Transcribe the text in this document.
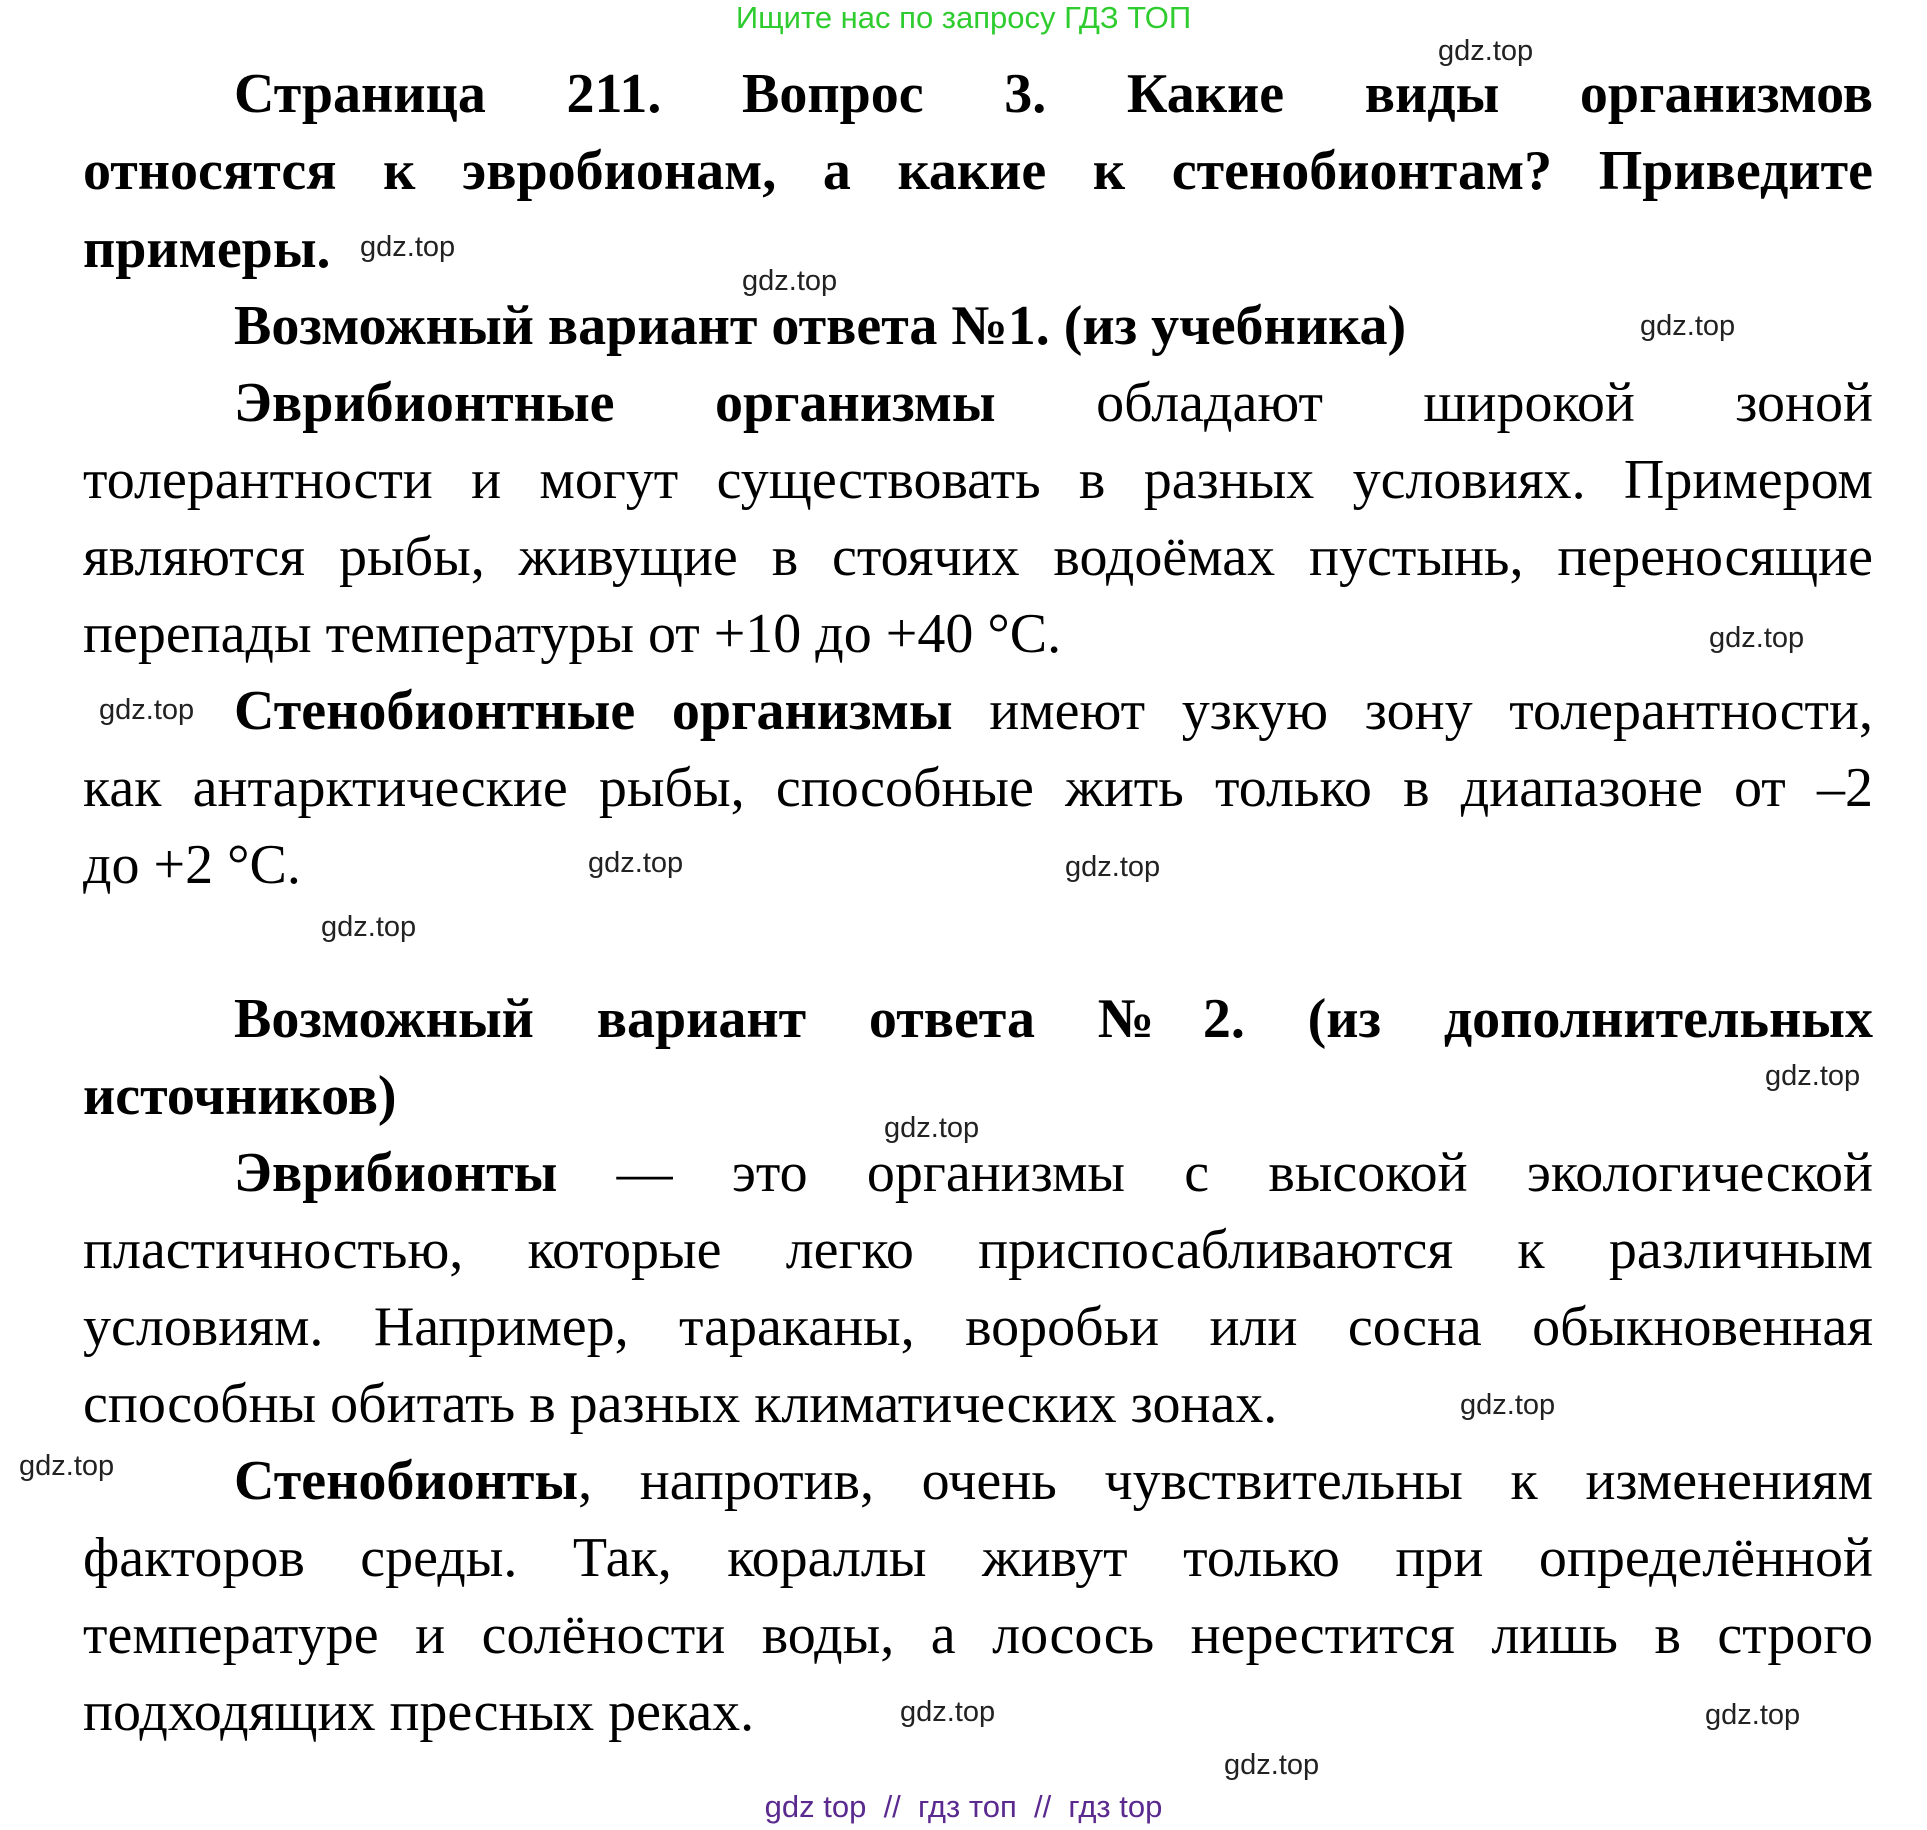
Ищите нас по запросу ГДЗ ТОП
Страница 211. Вопрос 3. Какие виды организмов
относятся к эвробионам, а какие к стенобионтам? Приведите
примеры.
Возможный вариант ответа №1. (из учебника)
Эврибионтные организмы обладают широкой зоной
толерантности и могут существовать в разных условиях. Примером
являются рыбы, живущие в стоячих водоёмах пустынь, переносящие
перепады температуры от +10 до +40 °С.
Стенобионтные организмы имеют узкую зону толерантности,
как антарктические рыбы, способные жить только в диапазоне от –2
до +2 °С.
Возможный вариант ответа №2. (из дополнительных
источников)
Эврибионты — это организмы с высокой экологической
пластичностью, которые легко приспосабливаются к различным
условиям. Например, тараканы, воробьи или сосна обыкновенная
способны обитать в разных климатических зонах.
Стенобионты, напротив, очень чувствительны к изменениям
факторов среды. Так, кораллы живут только при определённой
температуре и солёности воды, а лосось нерестится лишь в строго
подходящих пресных реках.
gdz.top
gdz.top
gdz.top
gdz.top
gdz.top
gdz.top
gdz.top
gdz.top
gdz.top
gdz.top
gdz.top
gdz.top
gdz.top
gdz.top
gdz.top
gdz.top
gdz top  //  гдз топ  //  гдз top
